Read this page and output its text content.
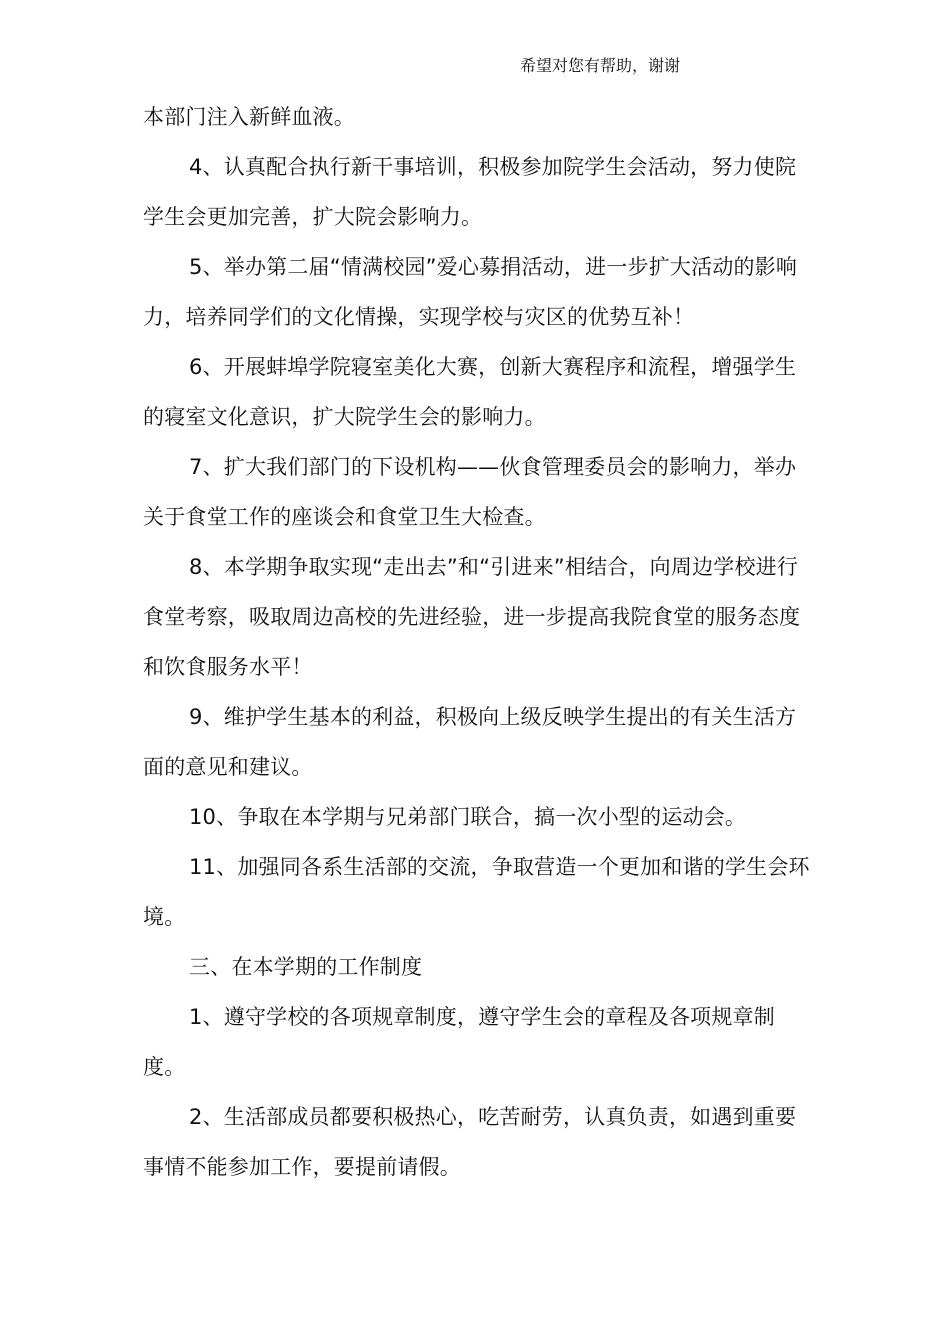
希望对您有帮助，谢谢

本部门注入新鲜血液。

4、认真配合执行新干事培训，积极参加院学生会活动，努力使院学生会更加完善，扩大院会影响力。

5、举办第二届“情满校园”爱心募捐活动，进一步扩大活动的影响力，培养同学们的文化情操，实现学校与灾区的优势互补！

6、开展蚌埠学院寝室美化大赛，创新大赛程序和流程，增强学生的寝室文化意识，扩大院学生会的影响力。

7、扩大我们部门的下设机构——伙食管理委员会的影响力，举办关于食堂工作的座谈会和食堂卫生大检查。

8、本学期争取实现“走出去”和“引进来”相结合，向周边学校进行食堂考察，吸取周边高校的先进经验，进一步提高我院食堂的服务态度和饮食服务水平！

9、维护学生基本的利益，积极向上级反映学生提出的有关生活方面的意见和建议。

10、争取在本学期与兄弟部门联合，搞一次小型的运动会。

11、加强同各系生活部的交流，争取营造一个更加和谐的学生会环境。

三、在本学期的工作制度

1、遵守学校的各项规章制度，遵守学生会的章程及各项规章制度。

2、生活部成员都要积极热心，吃苦耐劳，认真负责，如遇到重要事情不能参加工作，要提前请假。
